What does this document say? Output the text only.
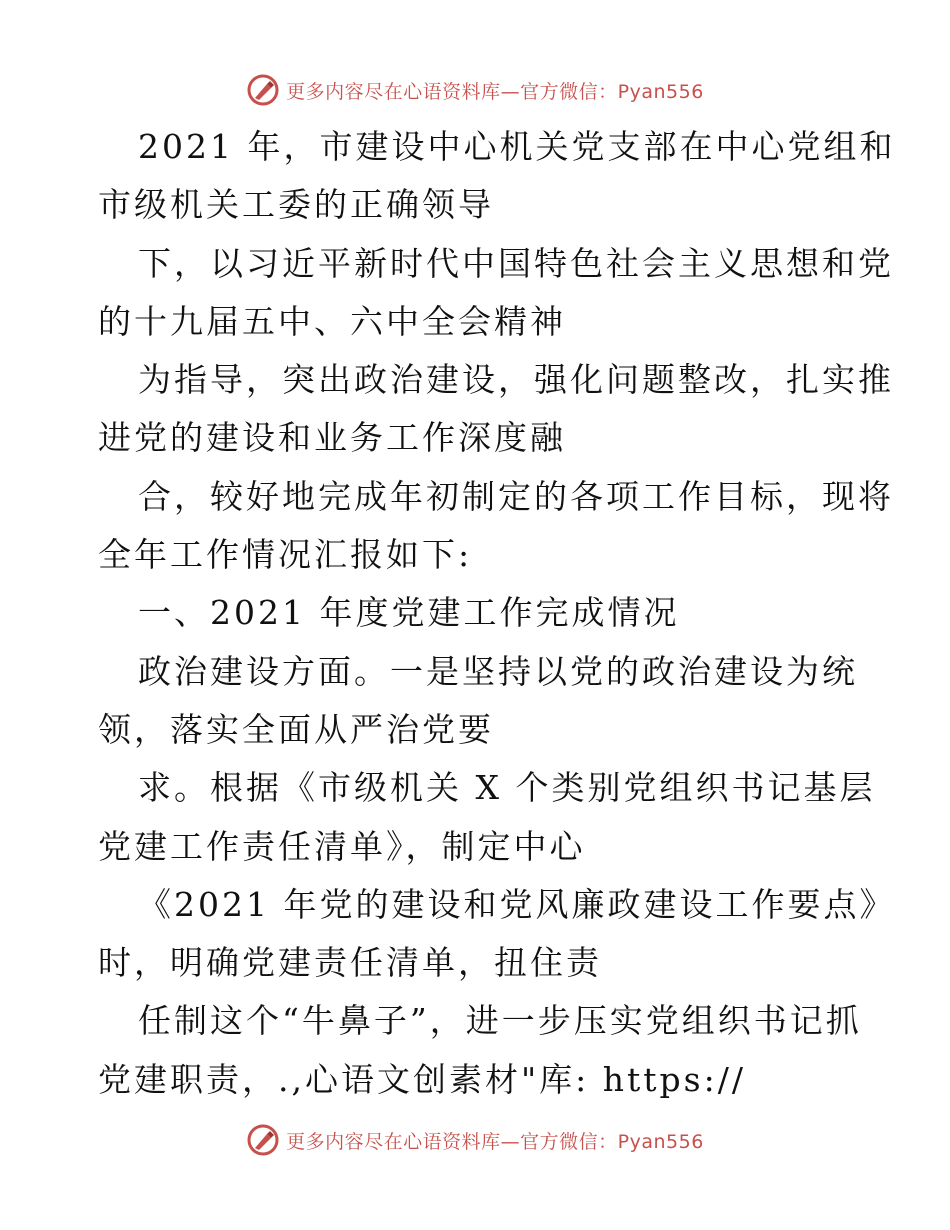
更多内容尽在心语资料库—官方微信：Pyan556
2021 年，市建设中心机关党支部在中心党组和
市级机关工委的正确领导
下，以习近平新时代中国特色社会主义思想和党
的十九届五中、六中全会精神
为指导，突出政治建设，强化问题整改，扎实推
进党的建设和业务工作深度融
合，较好地完成年初制定的各项工作目标，现将
全年工作情况汇报如下:
一、2021 年度党建工作完成情况
政治建设方面。一是坚持以党的政治建设为统
领，落实全面从严治党要
求。根据《市级机关 X 个类别党组织书记基层
党建工作责任清单》，制定中心
《2021 年党的建设和党风廉政建设工作要点》
时，明确党建责任清单，扭住责
任制这个“牛鼻子”，进一步压实党组织书记抓
党建职责，.,心语文创素材"库: https://
更多内容尽在心语资料库—官方微信：Pyan556
